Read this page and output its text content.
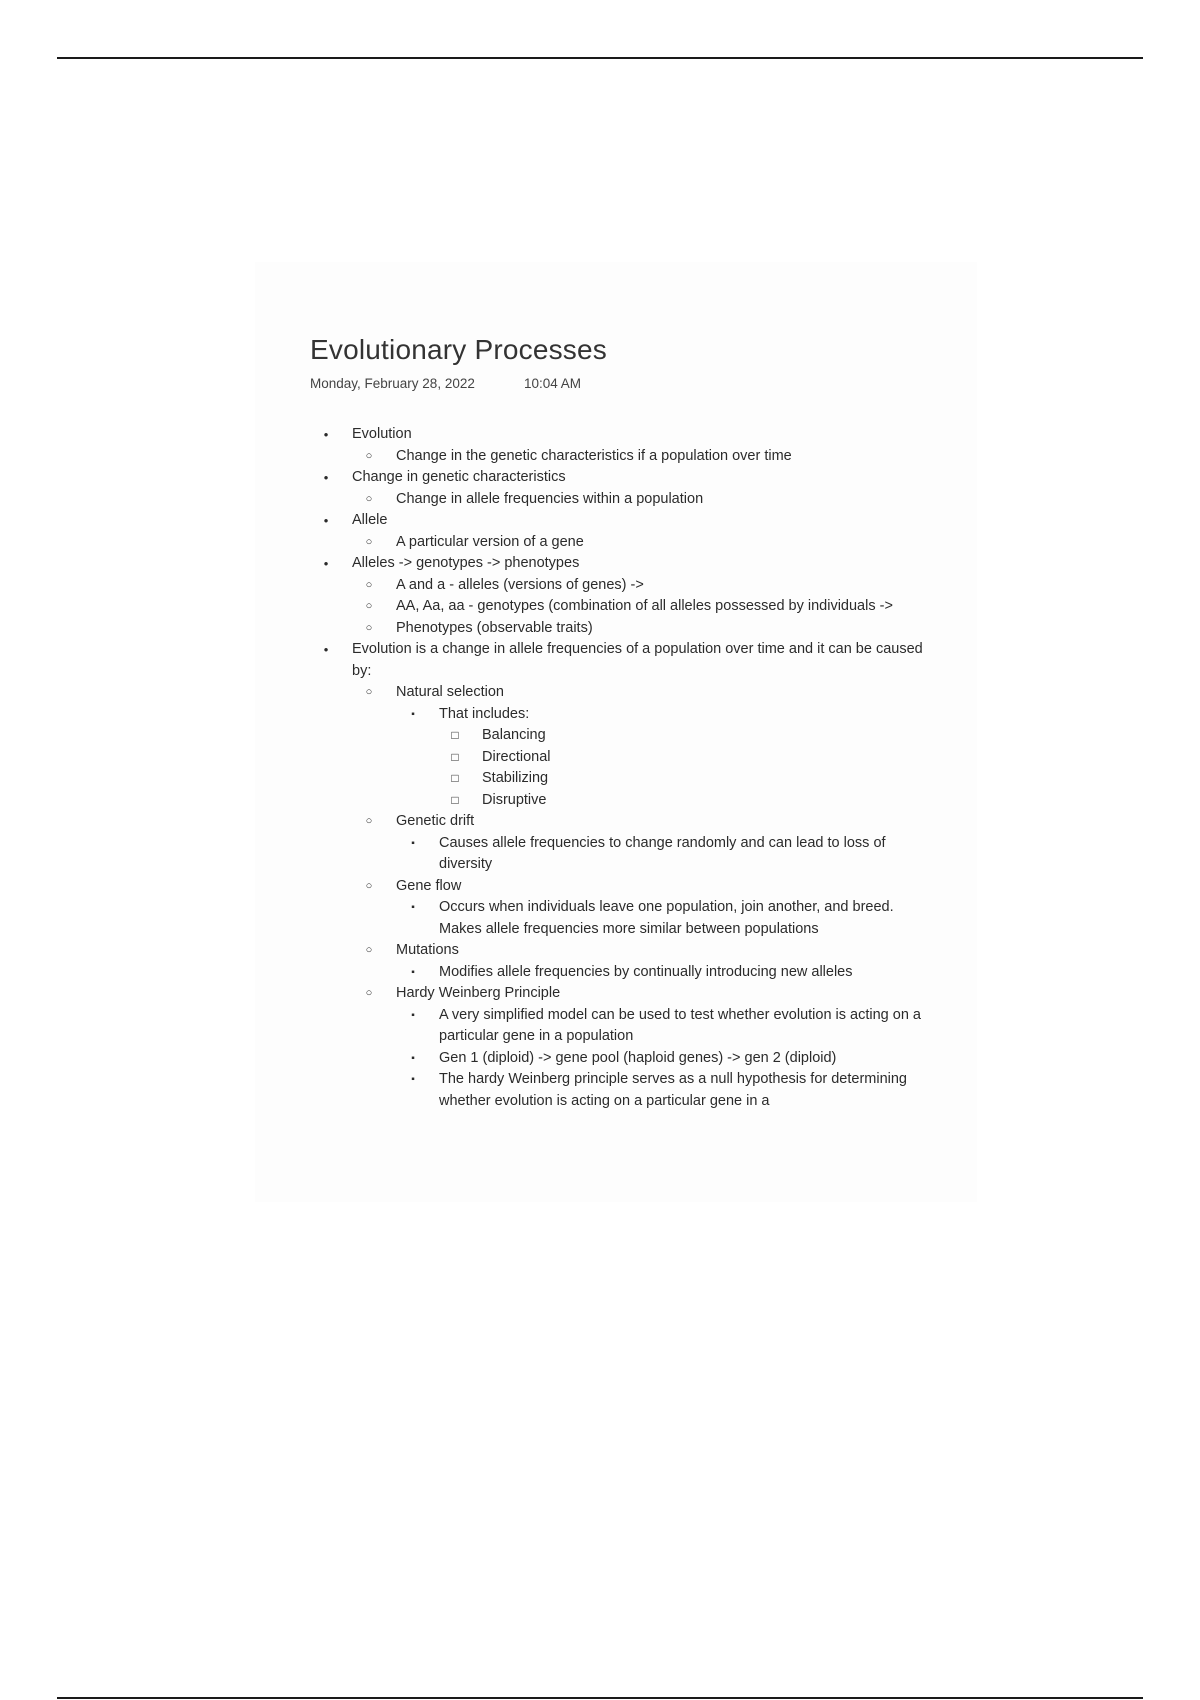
Evolutionary Processes
Monday, February 28, 2022	10:04 AM
•	Evolution
○	Change in the genetic characteristics if a population over time
•	Change in genetic characteristics
○	Change in allele frequencies within a population
•	Allele
○	A particular version of a gene
•	Alleles -> genotypes -> phenotypes
○	A and a - alleles (versions of genes) ->
○	AA, Aa, aa - genotypes (combination of all alleles possessed by individuals ->
○	Phenotypes (observable traits)
•	Evolution is a change in allele frequencies of a population over time and it can be caused by:
○	Natural selection
▪	That includes:
□	Balancing
□	Directional
□	Stabilizing
□	Disruptive
○	Genetic drift
▪	Causes allele frequencies to change randomly and can lead to loss of diversity
○	Gene flow
▪	Occurs when individuals leave one population, join another, and breed. Makes allele frequencies more similar between populations
○	Mutations
▪	Modifies allele frequencies by continually introducing new alleles
○	Hardy Weinberg Principle
▪	A very simplified model can be used to test whether evolution is acting on a particular gene in a population
▪	Gen 1 (diploid) -> gene pool (haploid genes) -> gen 2 (diploid)
▪	The hardy Weinberg principle serves as a null hypothesis for determining whether evolution is acting on a particular gene in a
